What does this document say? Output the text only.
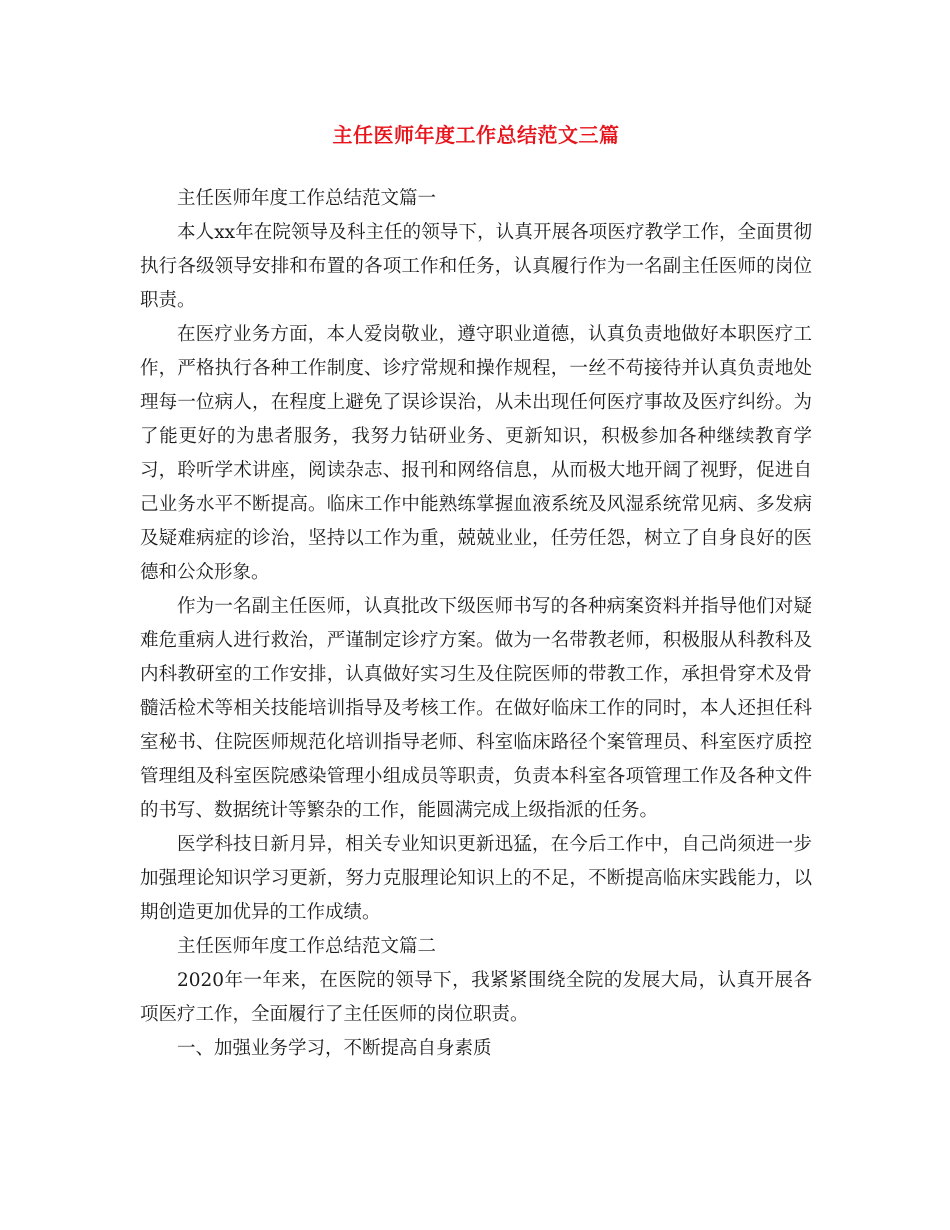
主任医师年度工作总结范文三篇

主任医师年度工作总结范文篇一

本人xx年在院领导及科主任的领导下，认真开展各项医疗教学工作，全面贯彻执行各级领导安排和布置的各项工作和任务，认真履行作为一名副主任医师的岗位职责。

在医疗业务方面，本人爱岗敬业，遵守职业道德，认真负责地做好本职医疗工作，严格执行各种工作制度、诊疗常规和操作规程，一丝不苟接待并认真负责地处理每一位病人，在程度上避免了误诊误治，从未出现任何医疗事故及医疗纠纷。为了能更好的为患者服务，我努力钻研业务、更新知识，积极参加各种继续教育学习，聆听学术讲座，阅读杂志、报刊和网络信息，从而极大地开阔了视野，促进自己业务水平不断提高。临床工作中能熟练掌握血液系统及风湿系统常见病、多发病及疑难病症的诊治，坚持以工作为重，兢兢业业，任劳任怨，树立了自身良好的医德和公众形象。

作为一名副主任医师，认真批改下级医师书写的各种病案资料并指导他们对疑难危重病人进行救治，严谨制定诊疗方案。做为一名带教老师，积极服从科教科及内科教研室的工作安排，认真做好实习生及住院医师的带教工作，承担骨穿术及骨髓活检术等相关技能培训指导及考核工作。在做好临床工作的同时，本人还担任科室秘书、住院医师规范化培训指导老师、科室临床路径个案管理员、科室医疗质控管理组及科室医院感染管理小组成员等职责，负责本科室各项管理工作及各种文件的书写、数据统计等繁杂的工作，能圆满完成上级指派的任务。

医学科技日新月异，相关专业知识更新迅猛，在今后工作中，自己尚须进一步加强理论知识学习更新，努力克服理论知识上的不足，不断提高临床实践能力，以期创造更加优异的工作成绩。

主任医师年度工作总结范文篇二

2020年一年来，在医院的领导下，我紧紧围绕全院的发展大局，认真开展各项医疗工作，全面履行了主任医师的岗位职责。

一、加强业务学习，不断提高自身素质
